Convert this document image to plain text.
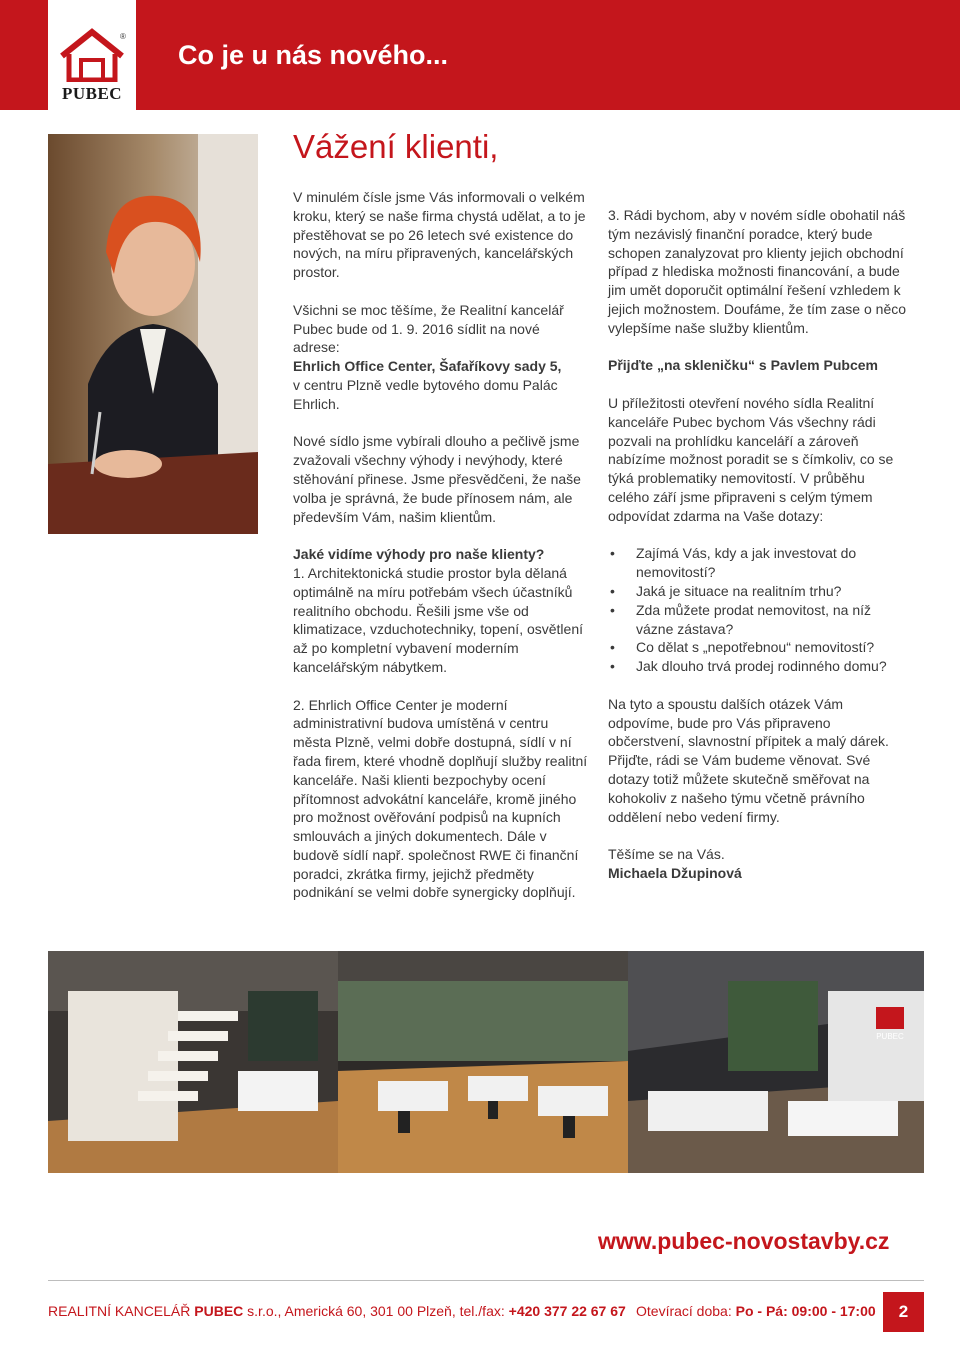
®
PUBEC
Co je u nás nového...
Vážení klienti,

V minulém čísle jsme Vás informovali o velkém kroku, který se naše firma chystá udělat, a to je přestěhovat se po 26 letech své existence do nových, na míru připravených, kancelářských prostor.

Všichni se moc těšíme, že Realitní kancelář Pubec bude od 1. 9. 2016 sídlit na nové adrese:
Ehrlich Office Center, Šafaříkovy sady 5,
v centru Plzně vedle bytového domu Palác Ehrlich.

Nové sídlo jsme vybírali dlouho a pečlivě jsme zvažovali všechny výhody i nevýhody, které stěhování přinese. Jsme přesvědčeni, že naše volba je správná, že bude přínosem nám, ale především Vám, našim klientům.

Jaké vidíme výhody pro naše klienty?

1. Architektonická studie prostor byla dělaná optimálně na míru potřebám všech účastníků realitního obchodu. Řešili jsme vše od klimatizace, vzduchotechniky, topení, osvětlení až po kompletní vybavení moderním kancelářským nábytkem.

2. Ehrlich Office Center je moderní administrativní budova umístěná v centru města Plzně, velmi dobře dostupná, sídlí v ní řada firem, které vhodně doplňují služby realitní kanceláře. Naši klienti bezpochyby ocení přítomnost advokátní kanceláře, kromě jiného pro možnost ověřování podpisů na kupních smlouvách a jiných dokumentech. Dále v budově sídlí např. společnost RWE či finanční poradci, zkrátka firmy, jejichž předměty podnikání se velmi dobře synergicky doplňují.

3. Rádi bychom, aby v novém sídle obohatil náš tým nezávislý finanční poradce, který bude schopen zanalyzovat pro klienty jejich obchodní případ z hlediska možnosti financování, a bude jim umět doporučit optimální řešení vzhledem k jejich možnostem. Doufáme, že tím zase o něco vylepšíme naše služby klientům.

Přijďte „na skleničku“ s Pavlem Pubcem

U příležitosti otevření nového sídla Realitní kanceláře Pubec bychom Vás všechny rádi pozvali na prohlídku kanceláří a zároveň nabízíme možnost poradit se s čímkoliv, co se týká problematiky nemovitostí. V průběhu celého září jsme připraveni s celým týmem odpovídat zdarma na Vaše dotazy:

• Zajímá Vás, kdy a jak investovat do nemovitostí?
• Jaká je situace na realitním trhu?
• Zda můžete prodat nemovitost, na níž vázne zástava?
• Co dělat s „nepotřebnou“ nemovitostí?
• Jak dlouho trvá prodej rodinného domu?

Na tyto a spoustu dalších otázek Vám odpovíme, bude pro Vás připraveno občerstvení, slavnostní přípitek a malý dárek. Přijďte, rádi se Vám budeme věnovat. Své dotazy totiž můžete skutečně směřovat na kohokoliv z našeho týmu včetně právního oddělení nebo vedení firmy.

Těšíme se na Vás.
Michaela Džupinová
PUBEC
www.pubec-novostavby.cz
REALITNÍ KANCELÁŘ PUBEC s.r.o., Americká 60, 301 00 Plzeň, tel./fax: +420 377 22 67 67 Otevírací doba: Po - Pá: 09:00 - 17:00	2
